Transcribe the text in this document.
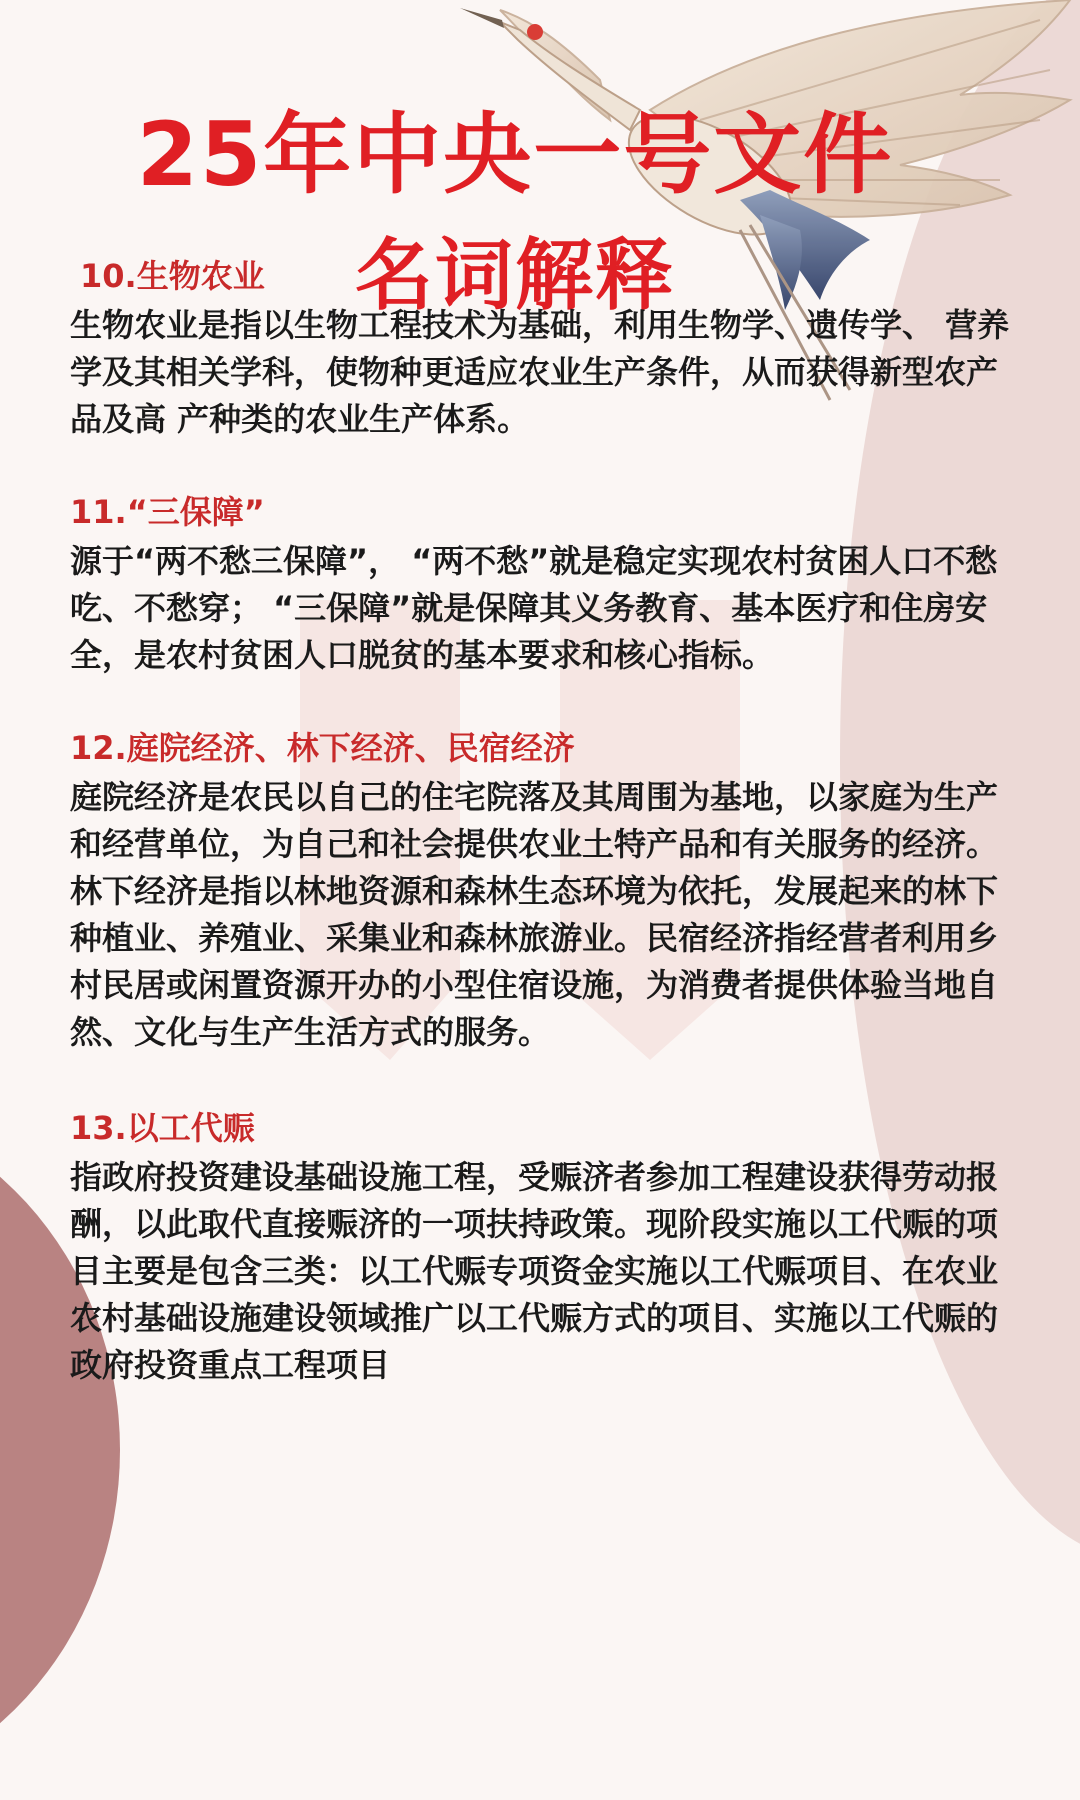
25年中央一号文件
名词解释

10.生物农业

生物农业是指以生物工程技术为基础，利用生物学、遗传学、 营养学及其相关学科，使物种更适应农业生产条件，从而获得新型农产品及高 产种类的农业生产体系。

11.“三保障”

源于“两不愁三保障”， “两不愁”就是稳定实现农村贫困人口不愁吃、不愁穿； “三保障”就是保障其义务教育、基本医疗和住房安全，是农村贫困人口脱贫的基本要求和核心指标。

12.庭院经济、林下经济、民宿经济

庭院经济是农民以自己的住宅院落及其周围为基地，以家庭为生产和经营单位，为自己和社会提供农业土特产品和有关服务的经济。林下经济是指以林地资源和森林生态环境为依托，发展起来的林下种植业、养殖业、采集业和森林旅游业。民宿经济指经营者利用乡村民居或闲置资源开办的小型住宿设施，为消费者提供体验当地自然、文化与生产生活方式的服务。

13.以工代赈

指政府投资建设基础设施工程，受赈济者参加工程建设获得劳动报酬，以此取代直接赈济的一项扶持政策。现阶段实施以工代赈的项目主要是包含三类：以工代赈专项资金实施以工代赈项目、在农业农村基础设施建设领域推广以工代赈方式的项目、实施以工代赈的政府投资重点工程项目
